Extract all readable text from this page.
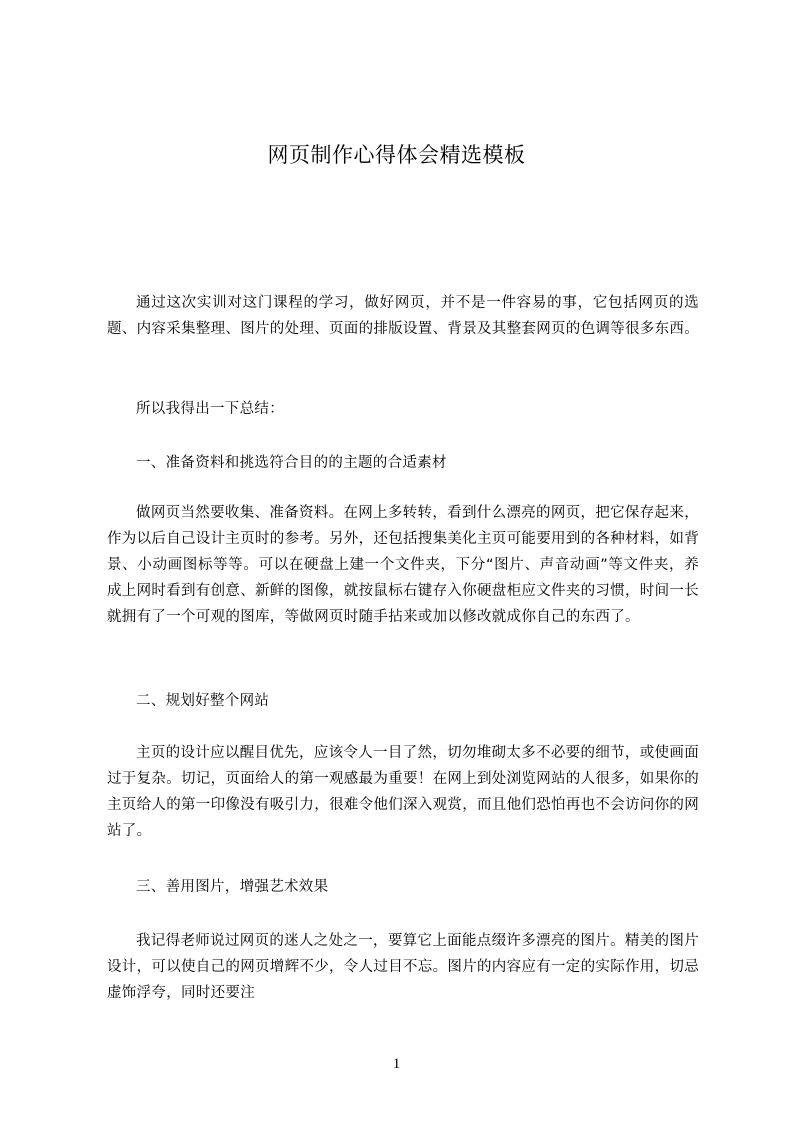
网页制作心得体会精选模板

通过这次实训对这门课程的学习，做好网页，并不是一件容易的事，它包括网页的选题、内容采集整理、图片的处理、页面的排版设置、背景及其整套网页的色调等很多东西。

所以我得出一下总结：

一、准备资料和挑选符合目的的主题的合适素材

做网页当然要收集、准备资料。在网上多转转，看到什么漂亮的网页，把它保存起来，作为以后自己设计主页时的参考。另外，还包括搜集美化主页可能要用到的各种材料，如背景、小动画图标等等。可以在硬盘上建一个文件夹，下分“图片、声音动画”等文件夹，养成上网时看到有创意、新鲜的图像，就按鼠标右键存入你硬盘柜应文件夹的习惯，时间一长就拥有了一个可观的图库，等做网页时随手拈来或加以修改就成你自己的东西了。

二、规划好整个网站

主页的设计应以醒目优先，应该令人一目了然，切勿堆砌太多不必要的细节，或使画面过于复杂。切记，页面给人的第一观感最为重要！在网上到处浏览网站的人很多，如果你的主页给人的第一印像没有吸引力，很难令他们深入观赏，而且他们恐怕再也不会访问你的网站了。

三、善用图片，增强艺术效果

我记得老师说过网页的迷人之处之一，要算它上面能点缀许多漂亮的图片。精美的图片设计，可以使自己的网页增辉不少，令人过目不忘。图片的内容应有一定的实际作用，切忌虚饰浮夸，同时还要注

1
